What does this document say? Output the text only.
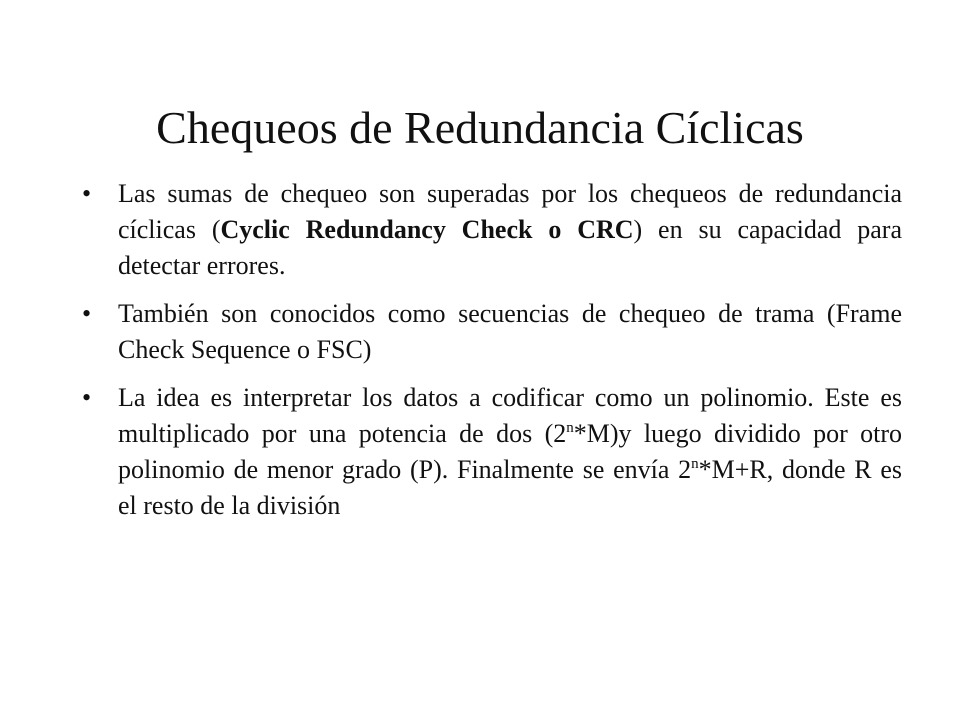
Chequeos de Redundancia Cíclicas
• Las sumas de chequeo son superadas por los chequeos de redundancia cíclicas (Cyclic Redundancy Check o CRC) en su capacidad para detectar errores.
• También son conocidos como secuencias de chequeo de trama (Frame Check Sequence o FSC)
• La idea es interpretar los datos a codificar como un polinomio. Este es multiplicado por una potencia de dos (2$^n$*M)y luego dividido por otro polinomio de menor grado (P). Finalmente se envía $2^n*M+R$, donde R es el resto de la división
